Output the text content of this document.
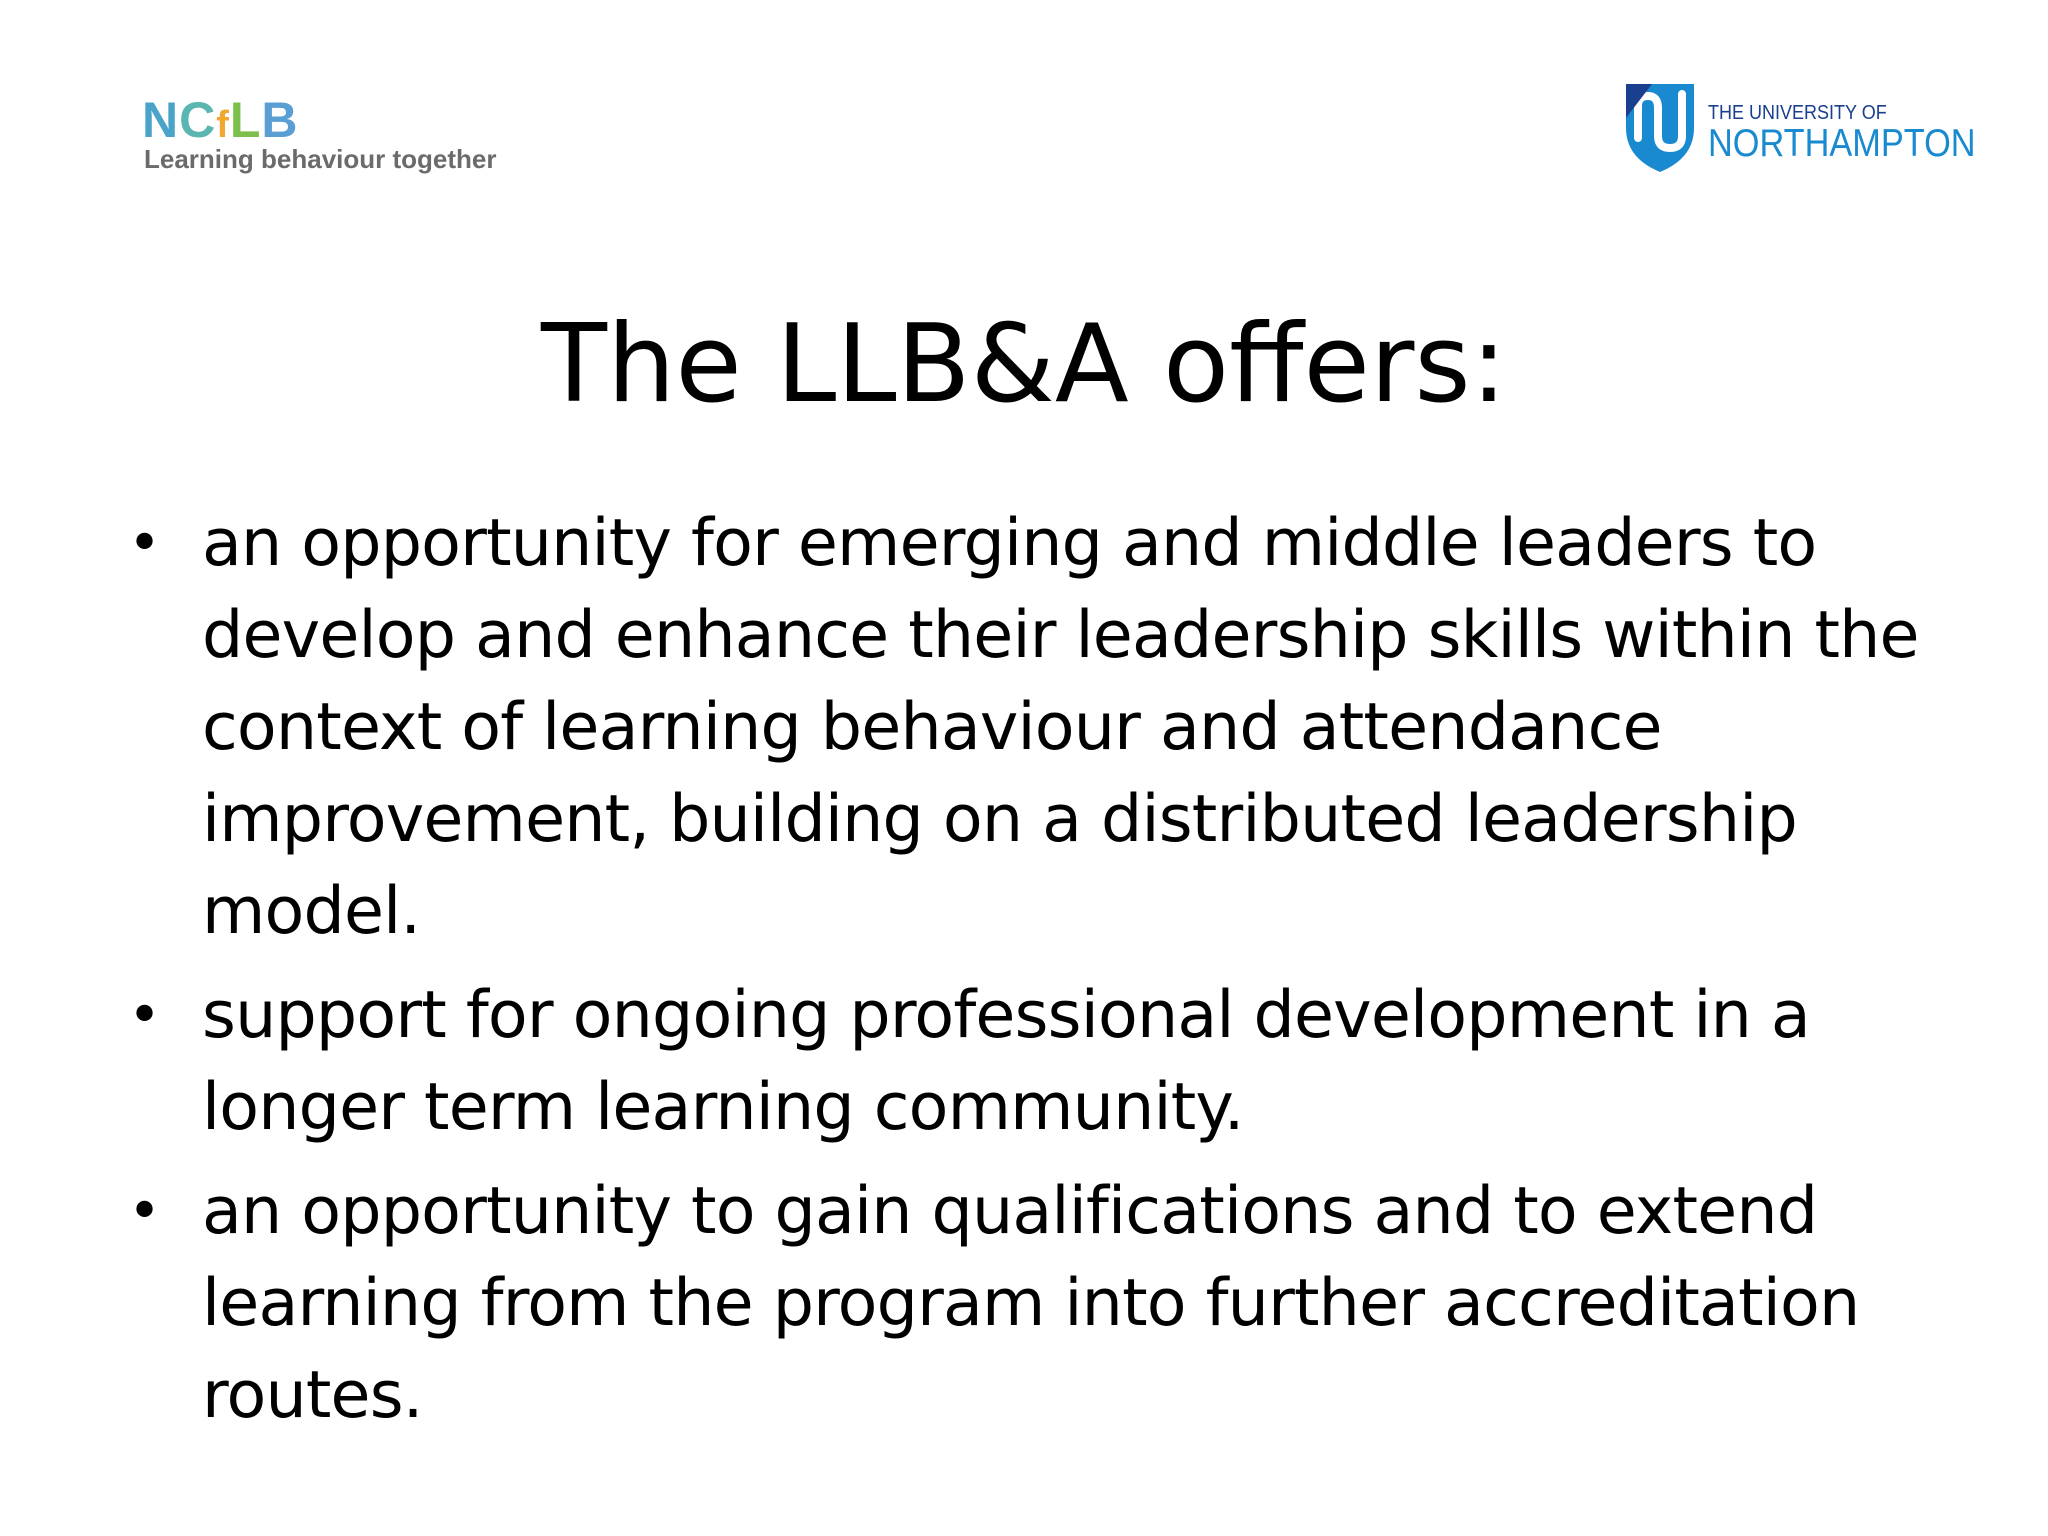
NCfLB
Learning behaviour together
THE UNIVERSITY OF
NORTHAMPTON
The LLB&A offers:
• an opportunity for emerging and middle leaders to develop and enhance their leadership skills within the context of learning behaviour and attendance improvement, building on a distributed leadership model.
• support for ongoing professional development in a longer term learning community.
• an opportunity to gain qualifications and to extend learning from the program into further accreditation routes.
